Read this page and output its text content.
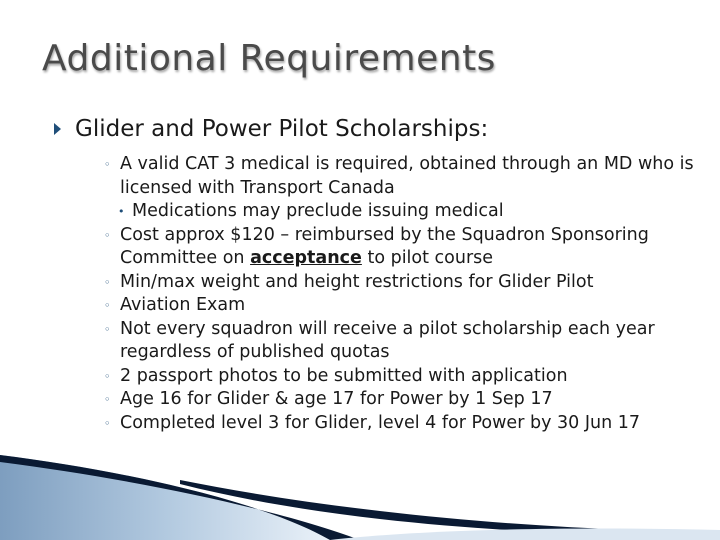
Additional Requirements
Glider and Power Pilot Scholarships:
◦ A valid CAT 3 medical is required, obtained through an MD who is licensed with Transport Canada
• Medications may preclude issuing medical
◦ Cost approx $120 – reimbursed by the Squadron Sponsoring Committee on acceptance to pilot course
◦ Min/max weight and height restrictions for Glider Pilot
◦ Aviation Exam
◦ Not every squadron will receive a pilot scholarship each year regardless of published quotas
◦ 2 passport photos to be submitted with application
◦ Age 16 for Glider & age 17 for Power by 1 Sep 17
◦ Completed level 3 for Glider, level 4 for Power by 30 Jun 17
